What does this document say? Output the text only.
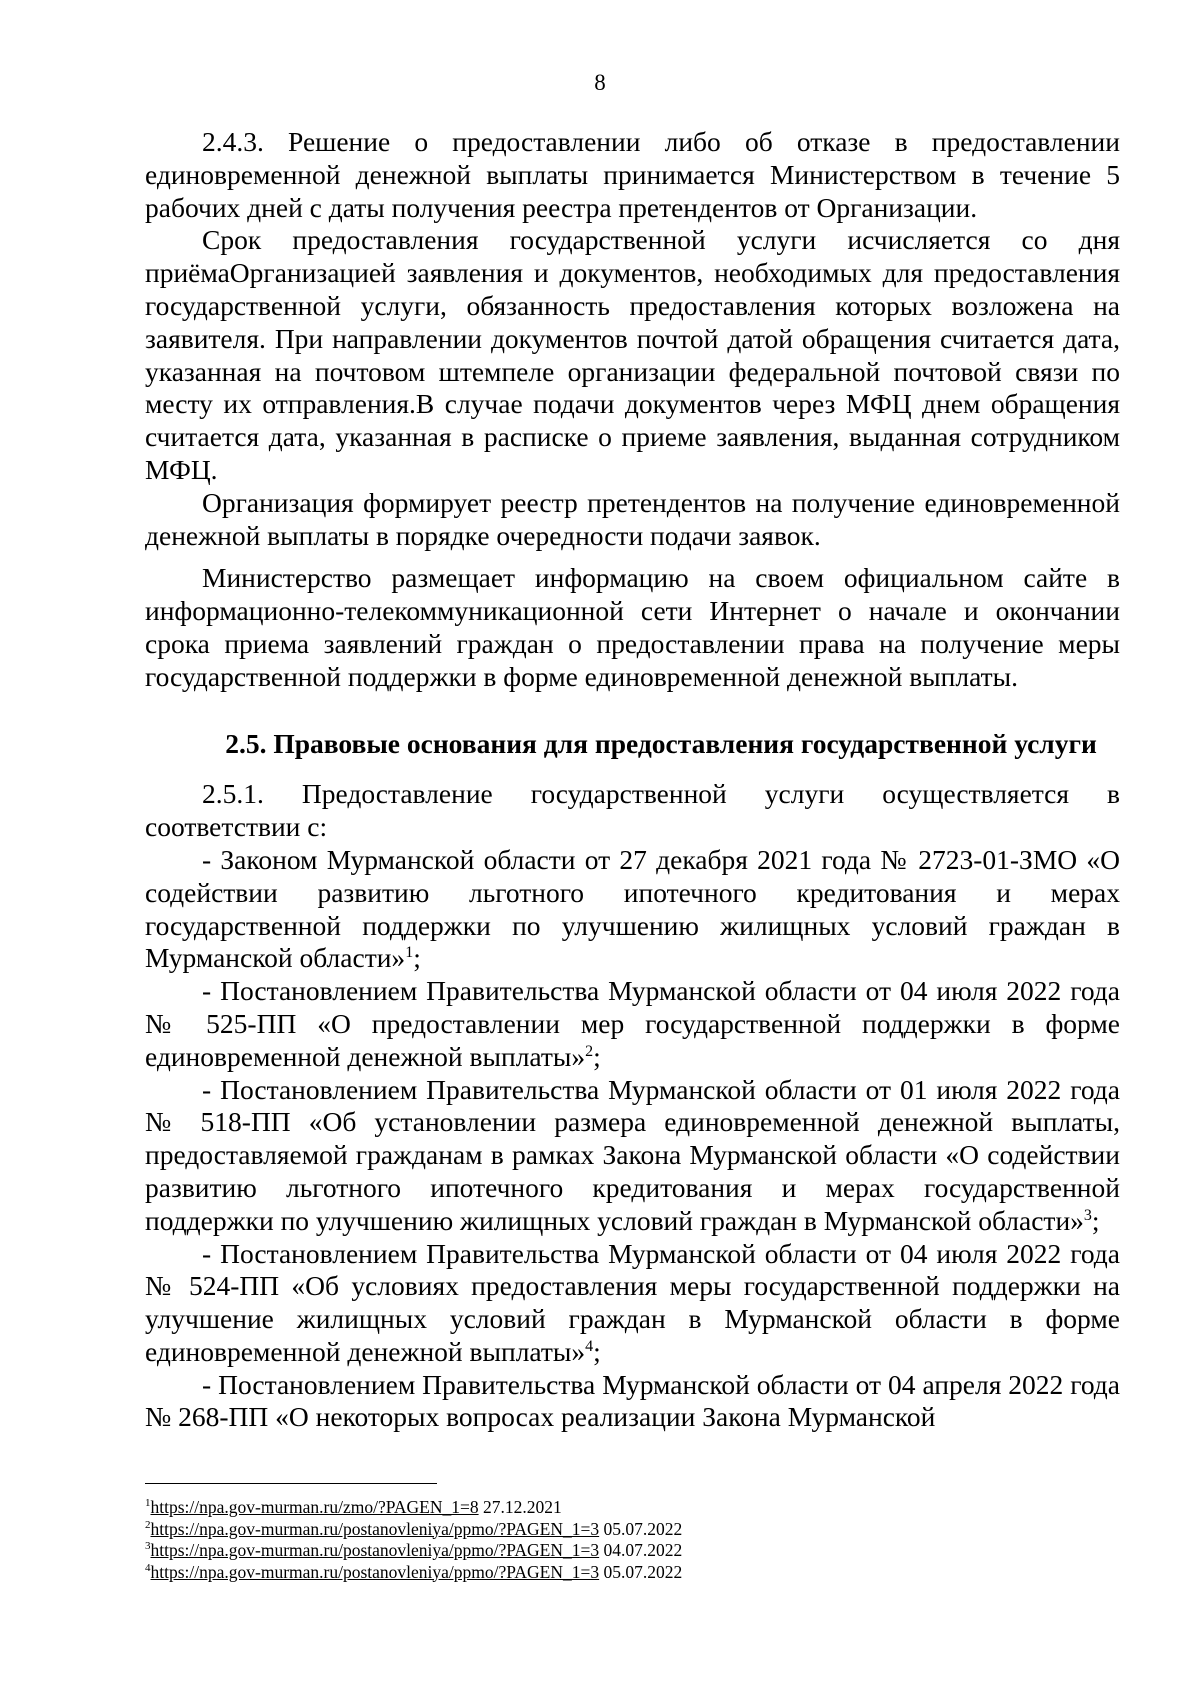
8

2.4.3. Решение о предоставлении либо об отказе в предоставлении единовременной денежной выплаты принимается Министерством в течение 5 рабочих дней с даты получения реестра претендентов от Организации.

Срок предоставления государственной услуги исчисляется со дня приёмаОрганизацией заявления и документов, необходимых для предоставления государственной услуги, обязанность предоставления которых возложена на заявителя. При направлении документов почтой датой обращения считается дата, указанная на почтовом штемпеле организации федеральной почтовой связи по месту их отправления.В случае подачи документов через МФЦ днем обращения считается дата, указанная в расписке о приеме заявления, выданная сотрудником МФЦ.

Организация формирует реестр претендентов на получение единовременной денежной выплаты в порядке очередности подачи заявок.

Министерство размещает информацию на своем официальном сайте в информационно-телекоммуникационной сети Интернет о начале и окончании срока приема заявлений граждан о предоставлении права на получение меры государственной поддержки в форме единовременной денежной выплаты.

2.5. Правовые основания для предоставления государственной услуги

2.5.1. Предоставление государственной услуги осуществляется в соответствии с:

- Законом Мурманской области от 27 декабря 2021 года № 2723-01-ЗМО «О содействии развитию льготного ипотечного кредитования и мерах государственной поддержки по улучшению жилищных условий граждан в Мурманской области»$^1$;

- Постановлением Правительства Мурманской области от 04 июля 2022 года № 525-ПП «О предоставлении мер государственной поддержки в форме единовременной денежной выплаты»$^2$;

- Постановлением Правительства Мурманской области от 01 июля 2022 года № 518-ПП «Об установлении размера единовременной денежной выплаты, предоставляемой гражданам в рамках Закона Мурманской области «О содействии развитию льготного ипотечного кредитования и мерах государственной поддержки по улучшению жилищных условий граждан в Мурманской области»$^3$;

- Постановлением Правительства Мурманской области от 04 июля 2022 года № 524-ПП «Об условиях предоставления меры государственной поддержки на улучшение жилищных условий граждан в Мурманской области в форме единовременной денежной выплаты»$^4$;

- Постановлением Правительства Мурманской области от 04 апреля 2022 года № 268-ПП «О некоторых вопросах реализации Закона Мурманской

$^1$https://npa.gov-murman.ru/zmo/?PAGEN_1=8 27.12.2021

$^2$https://npa.gov-murman.ru/postanovleniya/ppmo/?PAGEN_1=3 05.07.2022

$^3$https://npa.gov-murman.ru/postanovleniya/ppmo/?PAGEN_1=3 04.07.2022

$^4$https://npa.gov-murman.ru/postanovleniya/ppmo/?PAGEN_1=3 05.07.2022
